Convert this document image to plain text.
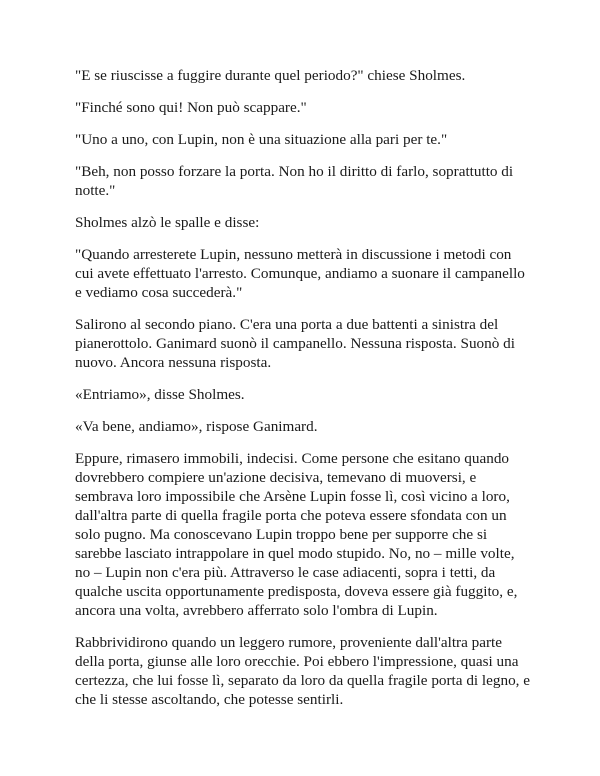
"E se riuscisse a fuggire durante quel periodo?" chiese Sholmes.

"Finché sono qui! Non può scappare."

"Uno a uno, con Lupin, non è una situazione alla pari per te."

"Beh, non posso forzare la porta. Non ho il diritto di farlo, soprattutto di notte."

Sholmes alzò le spalle e disse:

"Quando arresterete Lupin, nessuno metterà in discussione i metodi con cui avete effettuato l'arresto. Comunque, andiamo a suonare il campanello e vediamo cosa succederà."

Salirono al secondo piano. C'era una porta a due battenti a sinistra del pianerottolo. Ganimard suonò il campanello. Nessuna risposta. Suonò di nuovo. Ancora nessuna risposta.

«Entriamo», disse Sholmes.

«Va bene, andiamo», rispose Ganimard.

Eppure, rimasero immobili, indecisi. Come persone che esitano quando dovrebbero compiere un'azione decisiva, temevano di muoversi, e sembrava loro impossibile che Arsène Lupin fosse lì, così vicino a loro, dall'altra parte di quella fragile porta che poteva essere sfondata con un solo pugno. Ma conoscevano Lupin troppo bene per supporre che si sarebbe lasciato intrappolare in quel modo stupido. No, no – mille volte, no – Lupin non c'era più. Attraverso le case adiacenti, sopra i tetti, da qualche uscita opportunamente predisposta, doveva essere già fuggito, e, ancora una volta, avrebbero afferrato solo l'ombra di Lupin.

Rabbrividirono quando un leggero rumore, proveniente dall'altra parte della porta, giunse alle loro orecchie. Poi ebbero l'impressione, quasi una certezza, che lui fosse lì, separato da loro da quella fragile porta di legno, e che li stesse ascoltando, che potesse sentirli.
